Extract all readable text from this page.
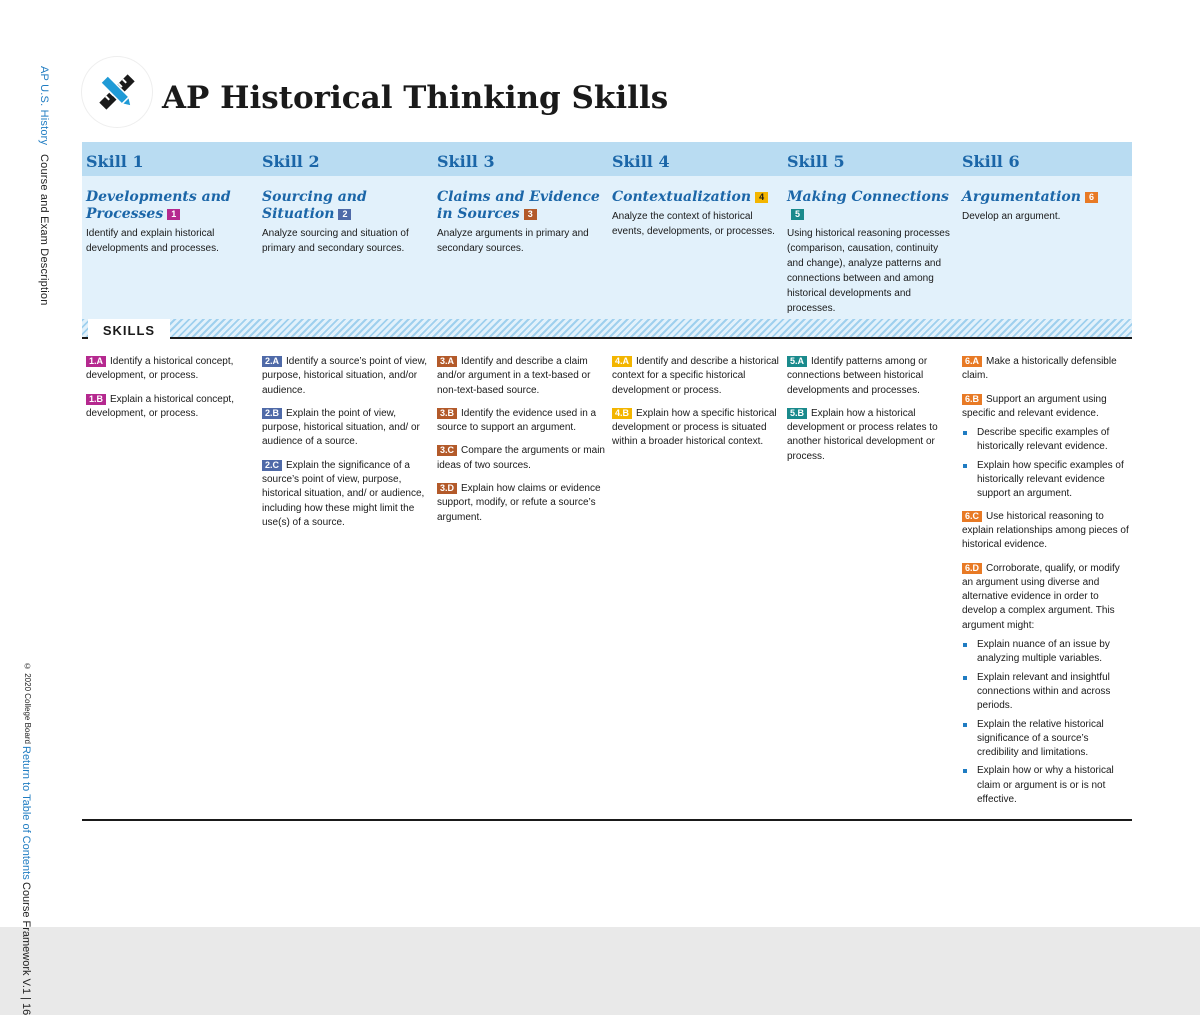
AP U.S. History Course and Exam Description
Course Framework V.1 | 16
Return to Table of Contents
© 2020 College Board
AP Historical Thinking Skills
SKILLS
Skill 1
Developments and Processes 1
Identify and explain historical developments and processes.
1.A Identify a historical concept, development, or process.
1.B Explain a historical concept, development, or process.
Skill 2
Sourcing and Situation 2
Analyze sourcing and situation of primary and secondary sources.
2.A Identify a source’s point of view, purpose, historical situation, and/or audience.
2.B Explain the point of view, purpose, historical situation, and/ or audience of a source.
2.C Explain the significance of a source’s point of view, purpose, historical situation, and/ or audience, including how these might limit the use(s) of a source.
Skill 3
Claims and Evidence in Sources 3
Analyze arguments in primary and secondary sources.
3.A Identify and describe a claim and/or argument in a text-based or non-text-based source.
3.B Identify the evidence used in a source to support an argument.
3.C Compare the arguments or main ideas of two sources.
3.D Explain how claims or evidence support, modify, or refute a source’s argument.
Skill 4
Contextualization 4
Analyze the context of historical events, developments, or processes.
4.A Identify and describe a historical context for a specific historical development or process.
4.B Explain how a specific historical development or process is situated within a broader historical context.
Skill 5
Making Connections5
Using historical reasoning processes (comparison, causation, continuity and change), analyze patterns and connections between and among historical developments and processes.
5.A Identify patterns among or connections between historical developments and processes.
5.B Explain how a historical development or process relates to another historical development or process.
Skill 6
Argumentation 6
Develop an argument.
6.A Make a historically defensible claim.
6.B Support an argument using specific and relevant evidence.
Describe specific examples of historically relevant evidence.
Explain how specific examples of historically relevant evidence support an argument.
6.C Use historical reasoning to explain relationships among pieces of historical evidence.
6.D Corroborate, qualify, or modify an argument using diverse and alternative evidence in order to develop a complex argument. This argument might:
Explain nuance of an issue by analyzing multiple variables.
Explain relevant and insightful connections within and across periods.
Explain the relative historical significance of a source’s credibility and limitations.
Explain how or why a historical claim or argument is or is not effective.
